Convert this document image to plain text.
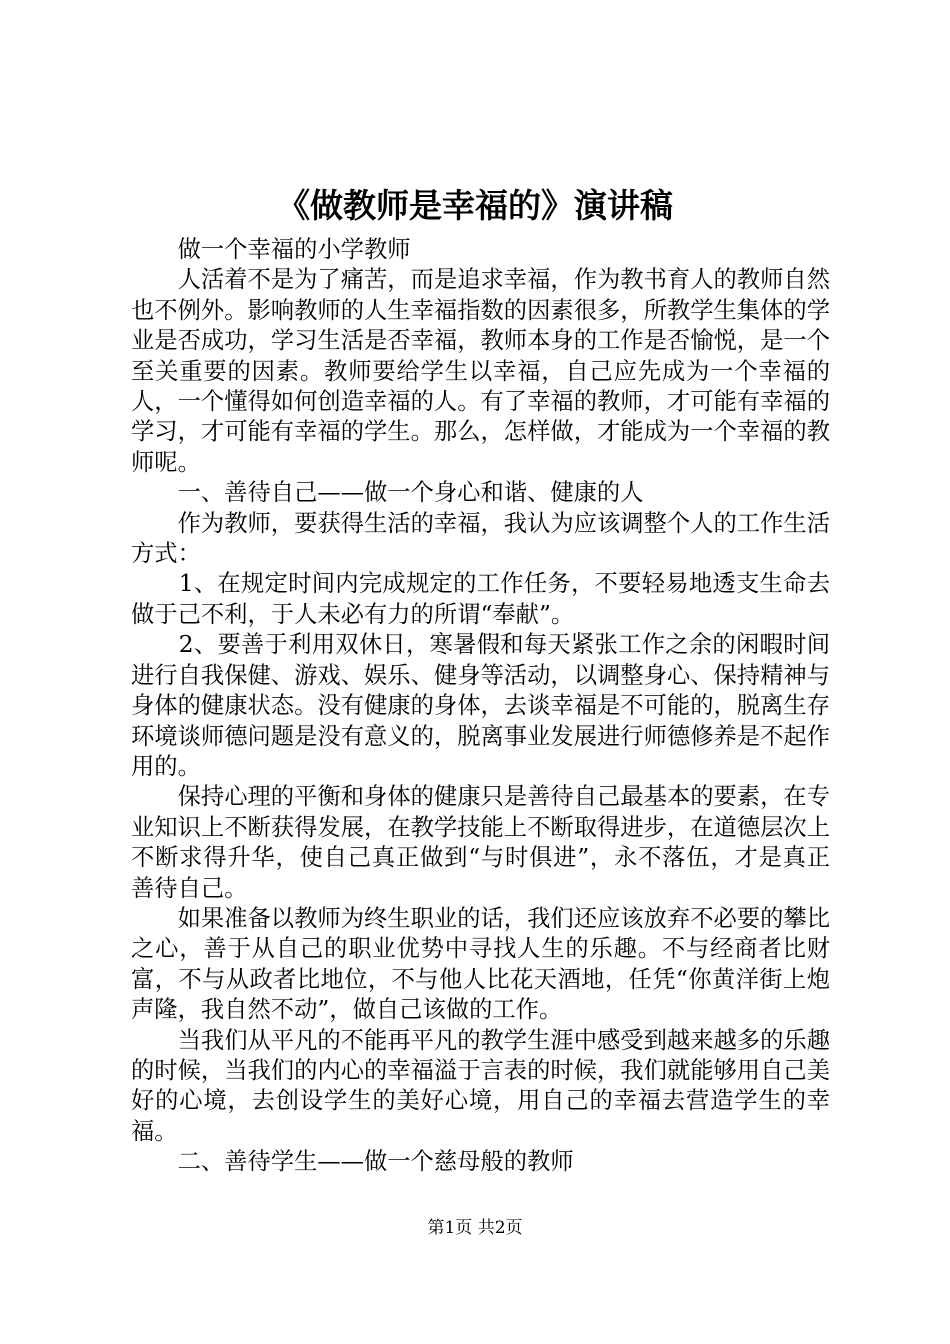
《做教师是幸福的》演讲稿

做一个幸福的小学教师

人活着不是为了痛苦，而是追求幸福，作为教书育人的教师自然也不例外。影响教师的人生幸福指数的因素很多，所教学生集体的学业是否成功，学习生活是否幸福，教师本身的工作是否愉悦，是一个至关重要的因素。教师要给学生以幸福，自己应先成为一个幸福的人，一个懂得如何创造幸福的人。有了幸福的教师，才可能有幸福的学习，才可能有幸福的学生。那么，怎样做，才能成为一个幸福的教师呢。

一、善待自己——做一个身心和谐、健康的人

作为教师，要获得生活的幸福，我认为应该调整个人的工作生活方式：

1、在规定时间内完成规定的工作任务，不要轻易地透支生命去做于己不利，于人未必有力的所谓“奉献”。

2、要善于利用双休日，寒暑假和每天紧张工作之余的闲暇时间进行自我保健、游戏、娱乐、健身等活动，以调整身心、保持精神与身体的健康状态。没有健康的身体，去谈幸福是不可能的，脱离生存环境谈师德问题是没有意义的，脱离事业发展进行师德修养是不起作用的。

保持心理的平衡和身体的健康只是善待自己最基本的要素，在专业知识上不断获得发展，在教学技能上不断取得进步，在道德层次上不断求得升华，使自己真正做到“与时俱进”，永不落伍，才是真正善待自己。

如果准备以教师为终生职业的话，我们还应该放弃不必要的攀比之心，善于从自己的职业优势中寻找人生的乐趣。不与经商者比财富，不与从政者比地位，不与他人比花天酒地，任凭“你黄洋街上炮声隆，我自然不动”，做自己该做的工作。

当我们从平凡的不能再平凡的教学生涯中感受到越来越多的乐趣的时候，当我们的内心的幸福溢于言表的时候，我们就能够用自己美好的心境，去创设学生的美好心境，用自己的幸福去营造学生的幸福。

二、善待学生——做一个慈母般的教师

第1页 共2页
